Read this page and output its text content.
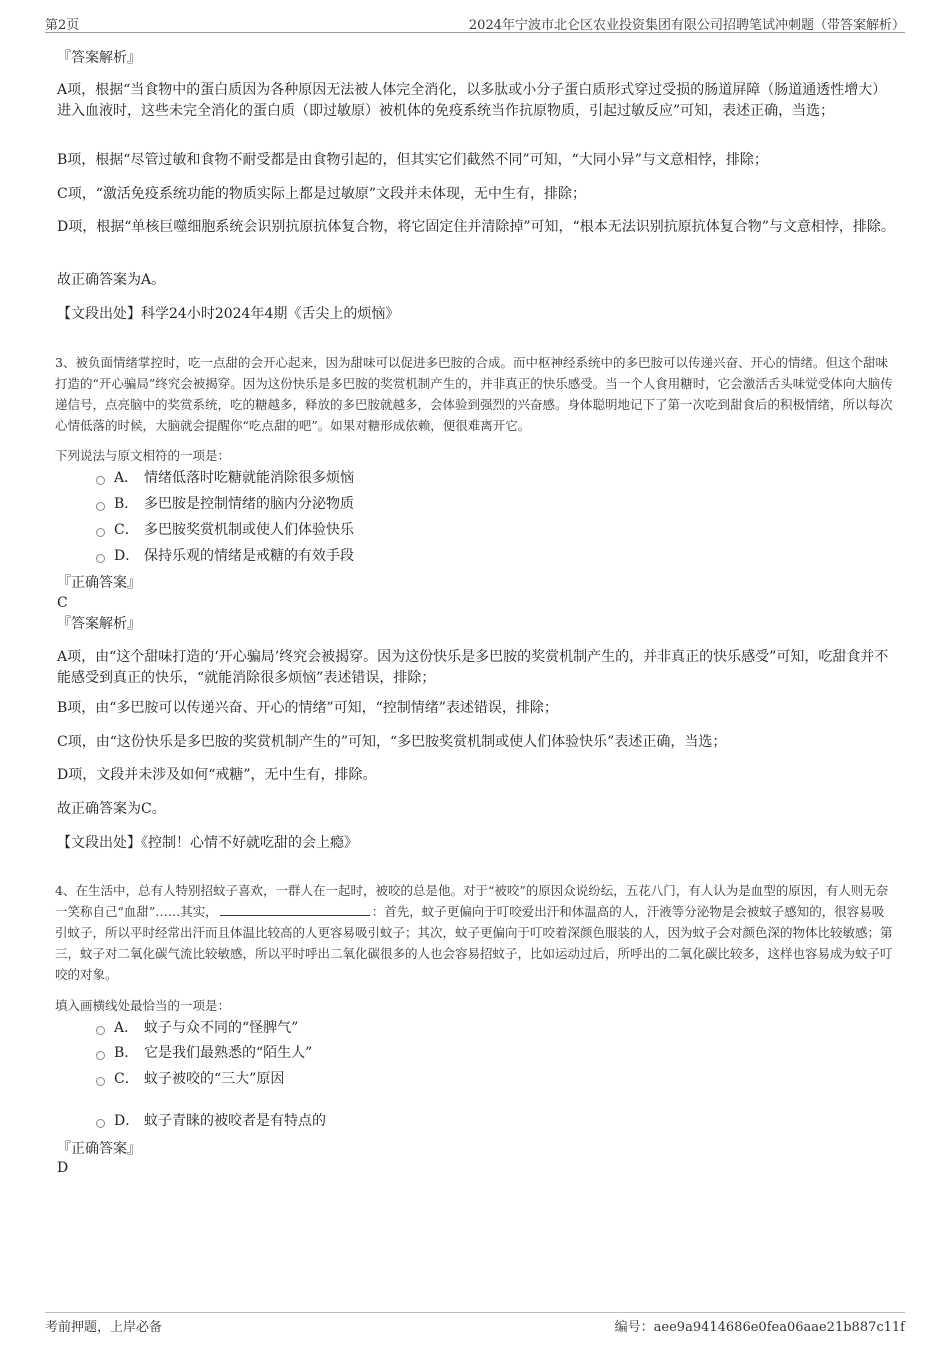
第2页	2024年宁波市北仑区农业投资集团有限公司招聘笔试冲刺题（带答案解析）
『答案解析』

A项，根据“当食物中的蛋白质因为各种原因无法被人体完全消化，以多肽或小分子蛋白质形式穿过受损的肠道屏障（肠道通透性增大）进入血液时，这些未完全消化的蛋白质（即过敏原）被机体的免疫系统当作抗原物质，引起过敏反应”可知，表述正确，当选；

B项，根据“尽管过敏和食物不耐受都是由食物引起的，但其实它们截然不同”可知，“大同小异”与文意相悖，排除；

C项，“激活免疫系统功能的物质实际上都是过敏原”文段并未体现，无中生有，排除；

D项，根据“单核巨噬细胞系统会识别抗原抗体复合物，将它固定住并清除掉”可知，“根本无法识别抗原抗体复合物”与文意相悖，排除。

故正确答案为A。

【文段出处】科学24小时2024年4期《舌尖上的烦恼》

3、被负面情绪掌控时，吃一点甜的会开心起来，因为甜味可以促进多巴胺的合成。而中枢神经系统中的多巴胺可以传递兴奋、开心的情绪。但这个甜味打造的“开心骗局”终究会被揭穿。因为这份快乐是多巴胺的奖赏机制产生的，并非真正的快乐感受。当一个人食用糖时，它会激活舌头味觉受体向大脑传递信号，点亮脑中的奖赏系统，吃的糖越多，释放的多巴胺就越多，会体验到强烈的兴奋感。身体聪明地记下了第一次吃到甜食后的积极情绪，所以每次心情低落的时候，大脑就会提醒你“吃点甜的吧”。如果对糖形成依赖，便很难离开它。

下列说法与原文相符的一项是：

A． 情绪低落时吃糖就能消除很多烦恼
B． 多巴胺是控制情绪的脑内分泌物质
C． 多巴胺奖赏机制或使人们体验快乐
D． 保持乐观的情绪是戒糖的有效手段
『正确答案』
C
『答案解析』

A项，由“这个甜味打造的‘开心骗局’终究会被揭穿。因为这份快乐是多巴胺的奖赏机制产生的，并非真正的快乐感受”可知，吃甜食并不能感受到真正的快乐，“就能消除很多烦恼”表述错误，排除；

B项，由“多巴胺可以传递兴奋、开心的情绪”可知，“控制情绪”表述错误，排除；

C项，由“这份快乐是多巴胺的奖赏机制产生的”可知，“多巴胺奖赏机制或使人们体验快乐”表述正确，当选；

D项，文段并未涉及如何“戒糖”，无中生有，排除。

故正确答案为C。

【文段出处】《控制！心情不好就吃甜的会上瘾》

4、在生活中，总有人特别招蚊子喜欢，一群人在一起时，被咬的总是他。对于“被咬”的原因众说纷纭，五花八门，有人认为是血型的原因，有人则无奈一笑称自己“血甜”……其实，	：首先，蚊子更偏向于叮咬爱出汗和体温高的人，汗液等分泌物是会被蚊子感知的，很容易吸引蚊子，所以平时经常出汗而且体温比较高的人更容易吸引蚊子；其次，蚊子更偏向于叮咬着深颜色服装的人，因为蚊子会对颜色深的物体比较敏感；第三，蚊子对二氧化碳气流比较敏感，所以平时呼出二氧化碳很多的人也会容易招蚊子，比如运动过后，所呼出的二氧化碳比较多，这样也容易成为蚊子叮咬的对象。

填入画横线处最恰当的一项是：

A． 蚊子与众不同的“怪脾气”
B． 它是我们最熟悉的“陌生人”
C． 蚊子被咬的“三大”原因
D． 蚊子青睐的被咬者是有特点的
『正确答案』
D
考前押题，上岸必备	编号：aee9a9414686e0fea06aae21b887c11f
